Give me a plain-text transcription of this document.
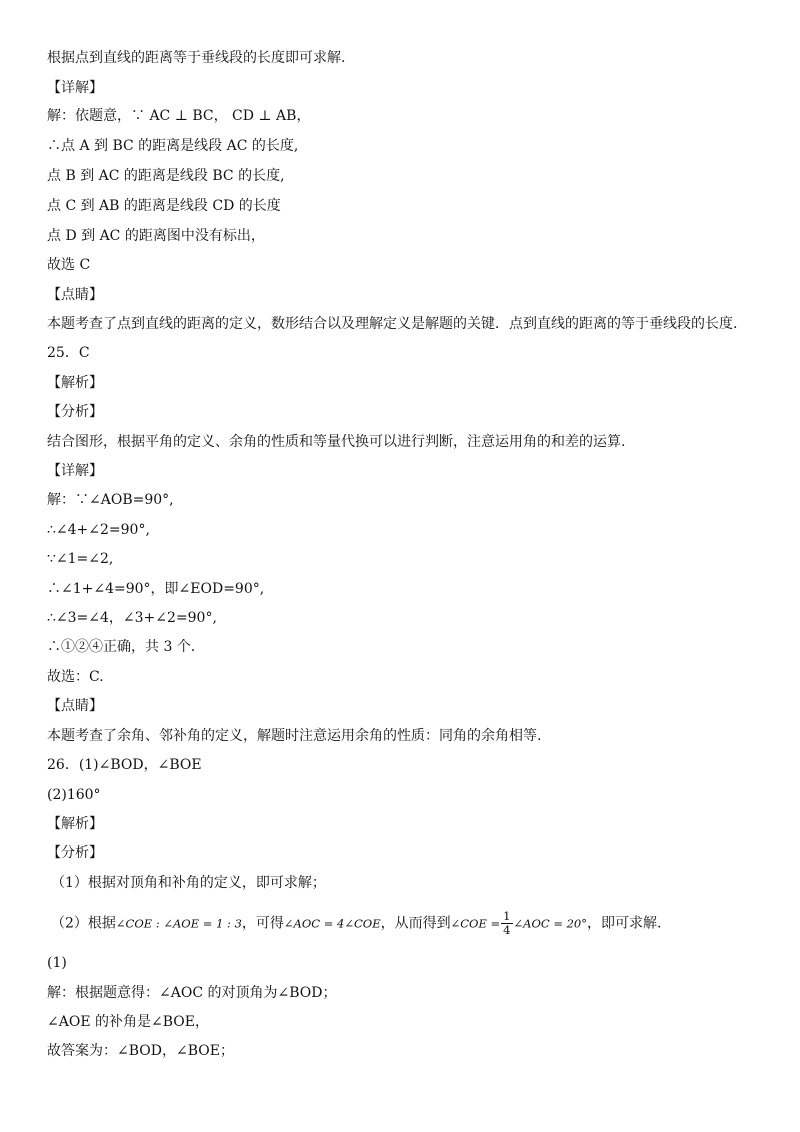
根据点到直线的距离等于垂线段的长度即可求解.
【详解】
解：依题意，∵ AC ⊥ BC， CD ⊥ AB，
∴点 A 到 BC 的距离是线段 AC 的长度,
点 B 到 AC 的距离是线段 BC 的长度,
点 C 到 AB 的距离是线段 CD 的长度
点 D 到 AC 的距离图中没有标出，
故选 C
【点睛】
本题考查了点到直线的距离的定义，数形结合以及理解定义是解题的关键．点到直线的距离的等于垂线段的长度.
25．C
【解析】
【分析】
结合图形，根据平角的定义、余角的性质和等量代换可以进行判断，注意运用角的和差的运算.
【详解】
解：∵∠AOB=90°,
∴∠4+∠2=90°,
∵∠1=∠2,
∴∠1+∠4=90°，即∠EOD=90°,
∴∠3=∠4，∠3+∠2=90°,
∴①②④正确，共 3 个.
故选：C.
【点睛】
本题考查了余角、邻补角的定义，解题时注意运用余角的性质：同角的余角相等.
26．(1)∠BOD，∠BOE
(2)160°
【解析】
【分析】
（1）根据对顶角和补角的定义，即可求解；
（2）根据∠COE : ∠AOE = 1 : 3，可得∠AOC = 4∠COE，从而得到∠COE = $\frac{1}{4}$ ∠AOC = 20°，即可求解.
(1)
解：根据题意得：∠AOC 的对顶角为∠BOD；
∠AOE 的补角是∠BOE，
故答案为：∠BOD，∠BOE；
